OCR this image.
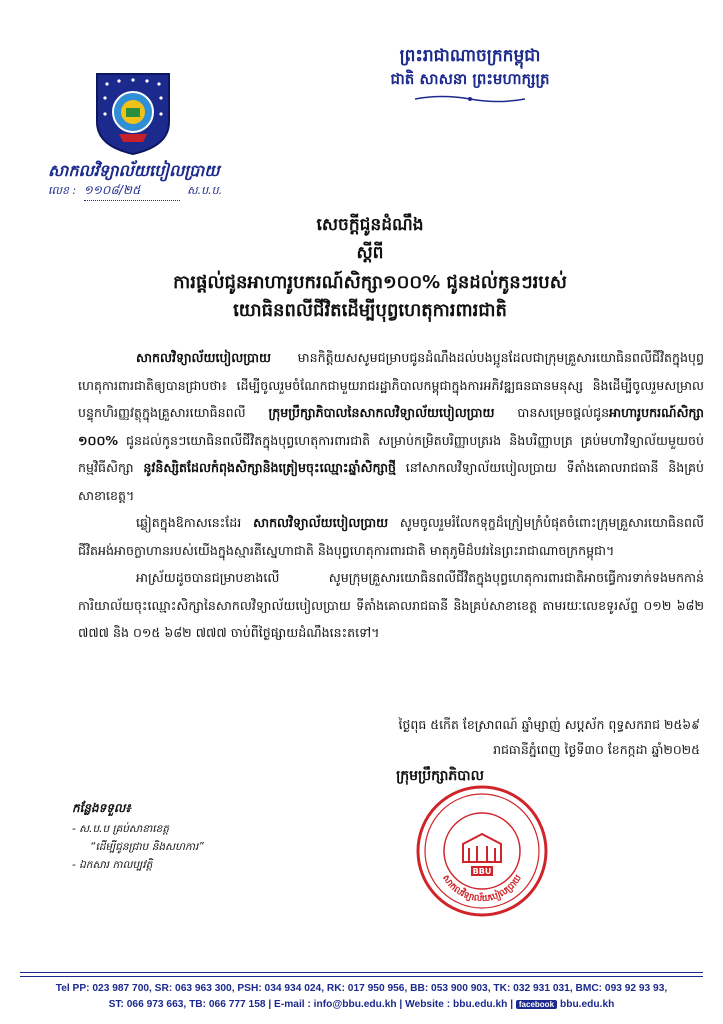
សាកលវិទ្យាល័យបៀលប្រាយ
លេខ : ១១០៨/២៥	ស.ប.ប.
ព្រះរាជាណាចក្រកម្ពុជា
ជាតិ សាសនា ព្រះមហាក្សត្រ
សេចក្តីជូនដំណឹង
ស្តីពី
ការផ្តល់ជូនអាហារូបករណ៍សិក្សា១០០% ជូនដល់កូនៗរបស់
យោធិនពលីជីវិតដើម្បីបុព្វហេតុការពារជាតិ

សាកលវិទ្យាល័យបៀលប្រាយ មានកិត្តិយសសូមជម្រាបជូនដំណឹងដល់បងប្អូនដែលជាក្រុមគ្រួសារយោធិនពលីជីវិតក្នុងបុព្វហេតុការពារជាតិឲ្យបានជ្រាបថា៖ ដើម្បីចូលរួមចំណែកជាមួយរាជរដ្ឋាភិបាលកម្ពុជាក្នុងការអភិវឌ្ឍធនធានមនុស្ស និងដើម្បីចូលរួមសម្រាលបន្ទុកហិរញ្ញវត្ថុក្នុងគ្រួសារយោធិនពលី ក្រុមប្រឹក្សាភិបាលនៃសាកលវិទ្យាល័យបៀលប្រាយ បានសម្រេចផ្តល់ជូនអាហារូបករណ៍សិក្សា ១០០% ជូនដល់កូនៗយោធិនពលីជីវិតក្នុងបុព្វហេតុការពារជាតិ សម្រាប់កម្រិតបរិញ្ញាបត្ររង និងបរិញ្ញាបត្រ គ្រប់មហាវិទ្យាល័យមួយចប់កម្មវិធីសិក្សា នូវនិស្សិតដែលកំពុងសិក្សានិងត្រៀមចុះឈ្មោះឆ្នាំសិក្សាថ្មី នៅសាកលវិទ្យាល័យបៀលប្រាយ ទីតាំងគោលរាជធានី និងគ្រប់សាខាខេត្ត។

ឆ្លៀតក្នុងឱកាសនេះដែរ សាកលវិទ្យាល័យបៀលប្រាយ សូមចូលរួមរំលែកទុក្ខដ៏ក្រៀមក្រំបំផុតចំពោះក្រុមគ្រួសារយោធិនពលីជីវិតអង់អាចក្លាហានរបស់យើងក្នុងស្មារតីស្នេហាជាតិ និងបុព្វហេតុការពារជាតិ មាតុភូមិដ៏បវរនៃព្រះរាជាណាចក្រកម្ពុជា។

អាស្រ័យដូចបានជម្រាបខាងលើ សូមក្រុមគ្រួសារយោធិនពលីជីវិតក្នុងបុព្វហេតុការពារជាតិអាចធ្វើការទាក់ទងមកកាន់ការិយាល័យចុះឈ្មោះសិក្សានៃសាកលវិទ្យាល័យបៀលប្រាយ ទីតាំងគោលរាជធានី និងគ្រប់សាខាខេត្ត តាមរយៈលេខទូរស័ព្ទ ០១២ ៦៨២ ៧៧៧ និង ០១៥ ៦៨២ ៧៧៧ ចាប់ពីថ្ងៃផ្សាយដំណឹងនេះតទៅ។

ថ្ងៃពុធ ៥កើត ខែស្រាពណ៍ ឆ្នាំម្សាញ់ សប្តស័ក ពុទ្ធសករាជ ២៥៦៩
រាជធានីភ្នំពេញ ថ្ងៃទី៣០ ខែកក្កដា ឆ្នាំ២០២៥
ក្រុមប្រឹក្សាភិបាល
BBU
សាកលវិទ្យាល័យបៀលប្រាយ
កន្លែងទទួល៖
- ស.ប.ប គ្រប់សាខាខេត្ត
“ដើម្បីជូនជ្រាប និងសហការ”
- ឯកសារ កាលប្បវត្តិ
Tel PP: 023 987 700, SR: 063 963 300, PSH: 034 934 024, RK: 017 950 956, BB: 053 900 903, TK: 032 931 031, BMC: 093 92 93 93,
ST: 066 973 663, TB: 066 777 158 | E-mail : info@bbu.edu.kh | Website : bbu.edu.kh | facebook bbu.edu.kh
